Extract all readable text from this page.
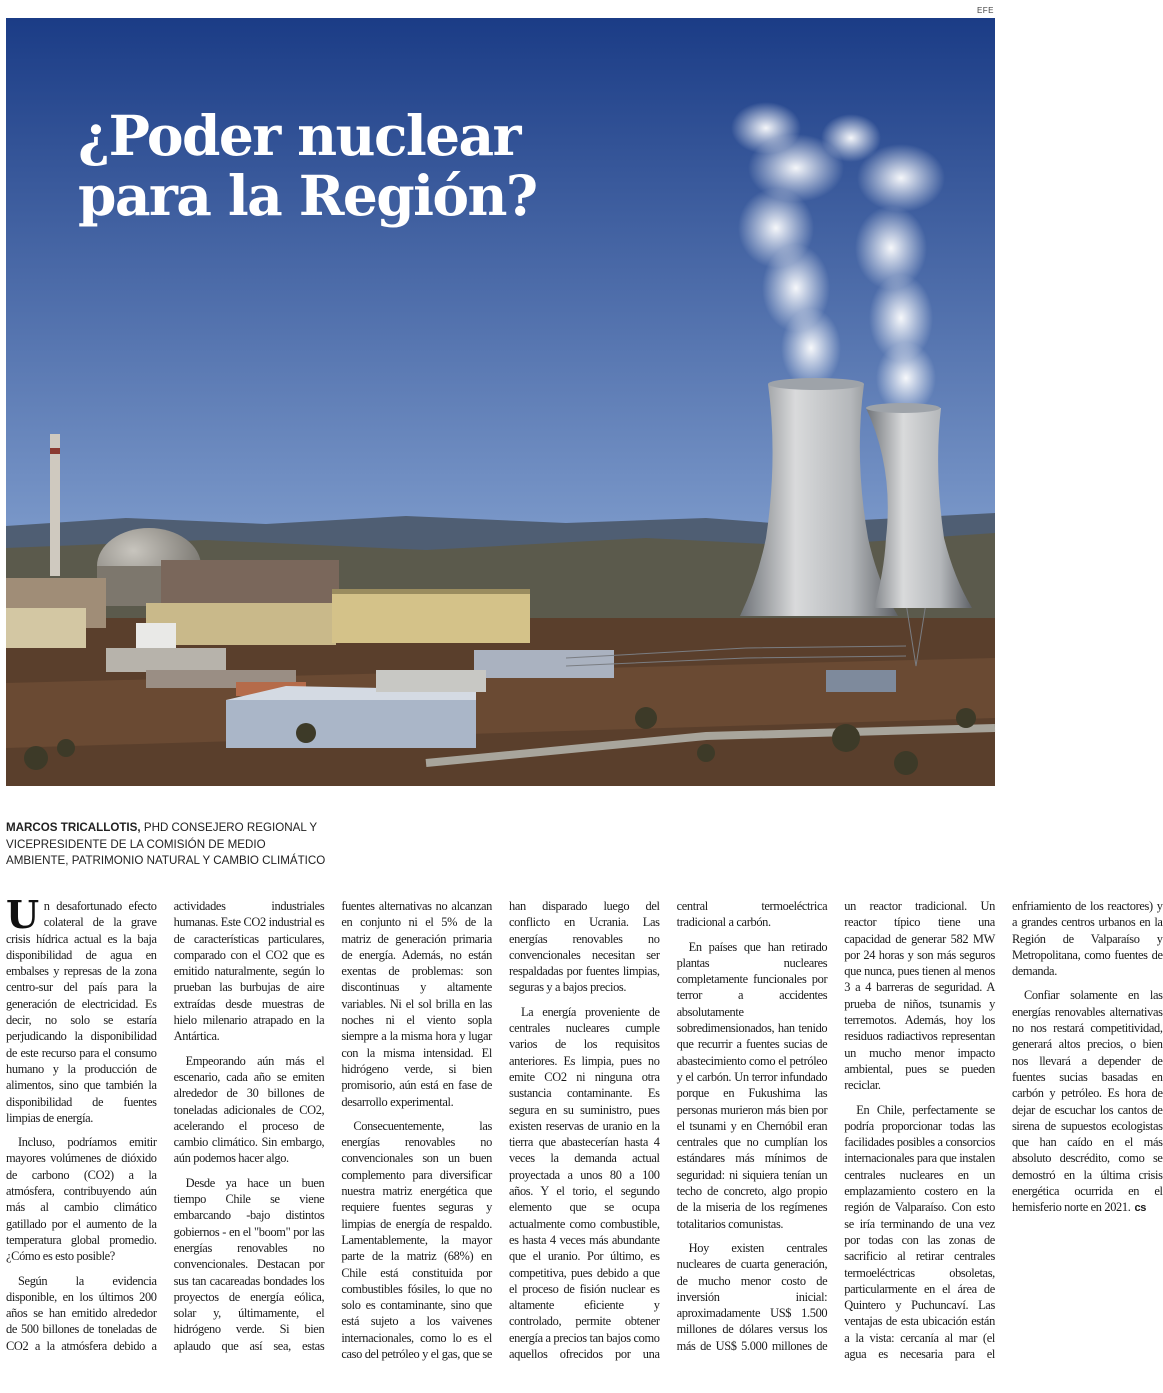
EFE
¿Poder nuclear
para la Región?
MARCOS TRICALLOTIS, PHD CONSEJERO REGIONAL Y VICEPRESIDENTE DE LA COMISIÓN DE MEDIO AMBIENTE, PATRIMONIO NATURAL Y CAMBIO CLIMÁTICO

Un desafortunado efecto colateral de la grave crisis hídrica actual es la baja disponibilidad de agua en embalses y represas de la zona centro-sur del país para la generación de electricidad. Es decir, no solo se estaría perjudicando la disponibilidad de este recurso para el consumo humano y la producción de alimentos, sino que también la disponibilidad de fuentes limpias de energía.

Incluso, podríamos emitir mayores volúmenes de dióxido de carbono (CO2) a la atmósfera, contribuyendo aún más al cambio climático gatillado por el aumento de la temperatura global promedio. ¿Cómo es esto posible?

Según la evidencia disponible, en los últimos 200 años se han emitido alrededor de 500 billones de toneladas de CO2 a la atmósfera debido a actividades industriales humanas. Este CO2 industrial es de características particulares, comparado con el CO2 que es emitido naturalmente, según lo prueban las burbujas de aire extraídas desde muestras de hielo milenario atrapado en la Antártica.

Empeorando aún más el escenario, cada año se emiten alrededor de 30 billones de toneladas adicionales de CO2, acelerando el proceso de cambio climático. Sin embargo, aún podemos hacer algo.

Desde ya hace un buen tiempo Chile se viene embarcando -bajo distintos gobiernos - en el "boom" por las energías renovables no convencionales. Destacan por sus tan cacareadas bondades los proyectos de energía eólica, solar y, últimamente, el hidrógeno verde. Si bien aplaudo que así sea, estas fuentes alternativas no alcanzan en conjunto ni el 5% de la matriz de generación primaria de energía. Además, no están exentas de problemas: son discontinuas y altamente variables. Ni el sol brilla en las noches ni el viento sopla siempre a la misma hora y lugar con la misma intensidad. El hidrógeno verde, si bien promisorio, aún está en fase de desarrollo experimental.

Consecuentemente, las energías renovables no convencionales son un buen complemento para diversificar nuestra matriz energética que requiere fuentes seguras y limpias de energía de respaldo. Lamentablemente, la mayor parte de la matriz (68%) en Chile está constituida por combustibles fósiles, lo que no solo es contaminante, sino que está sujeto a los vaivenes internacionales, como lo es el caso del petróleo y el gas, que se han disparado luego del conflicto en Ucrania. Las energías renovables no convencionales necesitan ser respaldadas por fuentes limpias, seguras y a bajos precios.

La energía proveniente de centrales nucleares cumple varios de los requisitos anteriores. Es limpia, pues no emite CO2 ni ninguna otra sustancia contaminante. Es segura en su suministro, pues existen reservas de uranio en la tierra que abastecerían hasta 4 veces la demanda actual proyectada a unos 80 a 100 años. Y el torio, el segundo elemento que se ocupa actualmente como combustible, es hasta 4 veces más abundante que el uranio. Por último, es competitiva, pues debido a que el proceso de fisión nuclear es altamente eficiente y controlado, permite obtener energía a precios tan bajos como aquellos ofrecidos por una central termoeléctrica tradicional a carbón.

En países que han retirado plantas nucleares completamente funcionales por terror a accidentes absolutamente sobredimensionados, han tenido que recurrir a fuentes sucias de abastecimiento como el petróleo y el carbón. Un terror infundado porque en Fukushima las personas murieron más bien por el tsunami y en Chernóbil eran centrales que no cumplían los estándares más mínimos de seguridad: ni siquiera tenían un techo de concreto, algo propio de la miseria de los regímenes totalitarios comunistas.

Hoy existen centrales nucleares de cuarta generación, de mucho menor costo de inversión inicial: aproximadamente US$ 1.500 millones de dólares versus los más de US$ 5.000 millones de un reactor tradicional. Un reactor típico tiene una capacidad de generar 582 MW por 24 horas y son más seguros que nunca, pues tienen al menos 3 a 4 barreras de seguridad. A prueba de niños, tsunamis y terremotos. Además, hoy los residuos radiactivos representan un mucho menor impacto ambiental, pues se pueden reciclar.

En Chile, perfectamente se podría proporcionar todas las facilidades posibles a consorcios internacionales para que instalen centrales nucleares en un emplazamiento costero en la región de Valparaíso. Con esto se iría terminando de una vez por todas con las zonas de sacrificio al retirar centrales termoeléctricas obsoletas, particularmente en el área de Quintero y Puchuncaví. Las ventajas de esta ubicación están a la vista: cercanía al mar (el agua es necesaria para el enfriamiento de los reactores) y a grandes centros urbanos en la Región de Valparaíso y Metropolitana, como fuentes de demanda.

Confiar solamente en las energías renovables alternativas no nos restará competitividad, generará altos precios, o bien nos llevará a depender de fuentes sucias basadas en carbón y petróleo. Es hora de dejar de escuchar los cantos de sirena de supuestos ecologistas que han caído en el más absoluto descrédito, como se demostró en la última crisis energética ocurrida en el hemisferio norte en 2021. cs
